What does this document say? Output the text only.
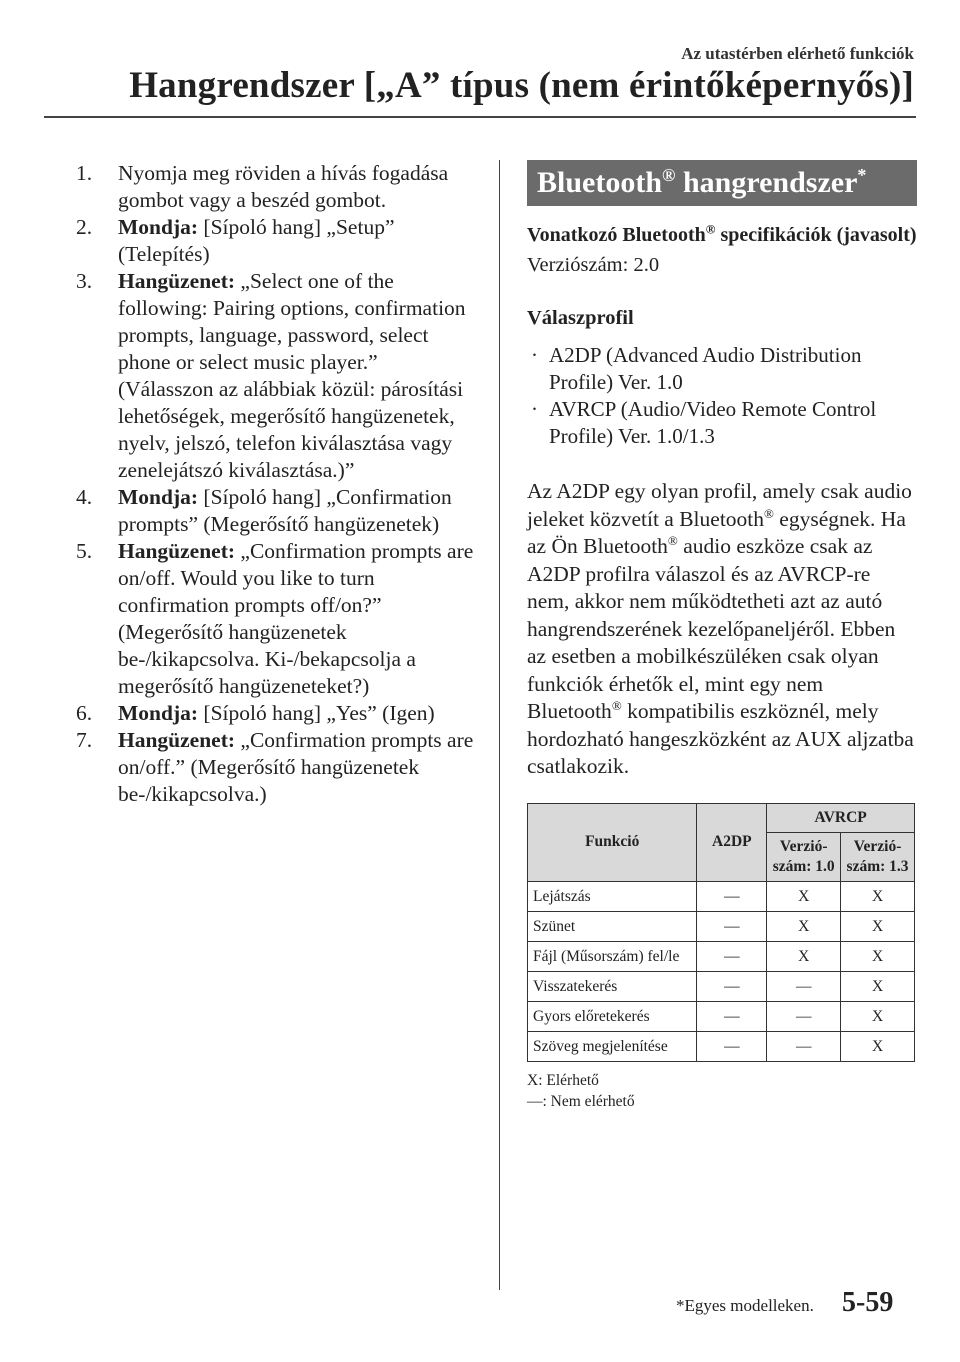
Az utastérben elérhető funkciók
Hangrendszer [„A” típus (nem érintőképernyős)]
1.	Nyomja meg röviden a hívás fogadása gombot vagy a beszéd gombot.
2.	Mondja: [Sípoló hang] „Setup” (Telepítés)
3.	Hangüzenet: „Select one of the following: Pairing options, confirmation prompts, language, password, select phone or select music player.” (Válasszon az alábbiak közül: párosítási lehetőségek, megerősítő hangüzenetek, nyelv, jelszó, telefon kiválasztása vagy zenelejátszó kiválasztása.)”
4.	Mondja: [Sípoló hang] „Confirmation prompts” (Megerősítő hangüzenetek)
5.	Hangüzenet: „Confirmation prompts are on/off. Would you like to turn confirmation prompts off/on?” (Megerősítő hangüzenetek be-/kikapcsolva. Ki-/bekapcsolja a megerősítő hangüzeneteket?)
6.	Mondja: [Sípoló hang] „Yes” (Igen)
7.	Hangüzenet: „Confirmation prompts are on/off.” (Megerősítő hangüzenetek be-/kikapcsolva.)
Bluetooth® hangrendszer*
Vonatkozó Bluetooth® specifikációk (javasolt)
Verziószám: 2.0
Válaszprofil
· A2DP (Advanced Audio Distribution Profile) Ver. 1.0
· AVRCP (Audio/Video Remote Control Profile) Ver. 1.0/1.3

Az A2DP egy olyan profil, amely csak audio jeleket közvetít a Bluetooth® egységnek. Ha az Ön Bluetooth® audio eszköze csak az A2DP profilra válaszol és az AVRCP-re nem, akkor nem működtetheti azt az autó hangrendszerének kezelőpaneljéről. Ebben az esetben a mobilkészüléken csak olyan funkciók érhetők el, mint egy nem Bluetooth® kompatibilis eszköznél, mely hordozható hangeszközként az AUX aljzatba csatlakozik.

Funkció	A2DP	AVRCP	
		Verzió-szám: 1.0	Verzió-szám: 1.3
Lejátszás	—	X	X
Szünet	—	X	X
Fájl (Műsorszám) fel/le	—	X	X
Visszatekerés	—	—	X
Gyors előretekerés	—	—	X
Szöveg megjelenítése	—	—	X
X: Elérhető
—: Nem elérhető
*Egyes modelleken. 5-59
